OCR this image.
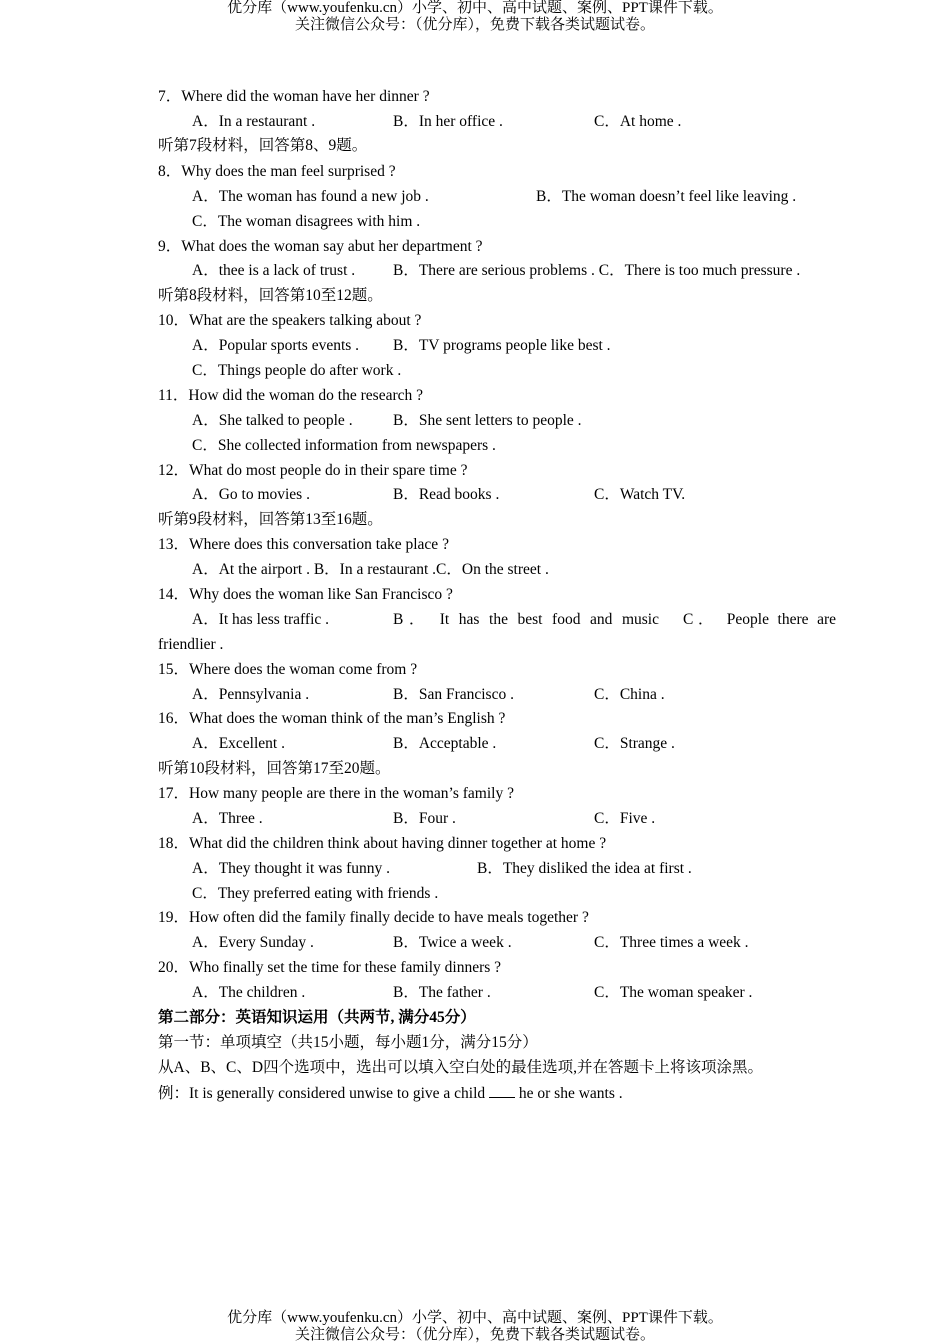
优分库（www.youfenku.cn）小学、初中、高中试题、案例、PPT课件下载。
关注微信公众号：（优分库），免费下载各类试题试卷。
7．Where did the woman have her dinner ?
A．In a restaurant .	B．In her office .	C．At home .
听第7段材料，回答第8、9题。
8．Why does the man feel surprised ?
A．The woman has found a new job .	B．The woman doesn’t feel like leaving .
C．The woman disagrees with him .
9．What does the woman say abut her department ?
A．thee is a lack of trust . B．There are serious problems . C．There is too much pressure .
听第8段材料，回答第10至12题。
10．What are the speakers talking about ?
A．Popular sports events . B．TV programs people like best .
C．Things people do after work .
11．How did the woman do the research ?
A．She talked to people .	B．She sent letters to people .
C．She collected information from newspapers .
12．What do most people do in their spare time ?
A．Go to movies .	B．Read books .	C．Watch TV.
听第9段材料，回答第13至16题。
13．Where does this conversation take place ?
A．At the airport . B．In a restaurant .C．On the street .
14．Why does the woman like San Francisco ?
A．It has less traffic .	B． It has the best food and music C． People there are
friendlier .
15．Where does the woman come from ?
A．Pennsylvania .	B．San Francisco .	C．China .
16．What does the woman think of the man’s English ?
A．Excellent .	B．Acceptable .	C．Strange .
听第10段材料，回答第17至20题。
17．How many people are there in the woman’s family ?
A．Three .	B．Four .	C．Five .
18．What did the children think about having dinner together at home ?
A．They thought it was funny .	B．They disliked the idea at first .
C．They preferred eating with friends .
19．How often did the family finally decide to have meals together ?
A．Every Sunday .	B．Twice a week .	C．Three times a week .
20．Who finally set the time for these family dinners ?
A．The children .	B．The father .	C．The woman speaker .
第二部分：英语知识运用（共两节, 满分45分）
第一节：单项填空（共15小题，每小题1分，满分15分）
从A、B、C、D四个选项中，选出可以填入空白处的最佳选项,并在答题卡上将该项涂黑。
例：It is generally considered unwise to give a child he or she wants .
优分库（www.youfenku.cn）小学、初中、高中试题、案例、PPT课件下载。
关注微信公众号：（优分库），免费下载各类试题试卷。
